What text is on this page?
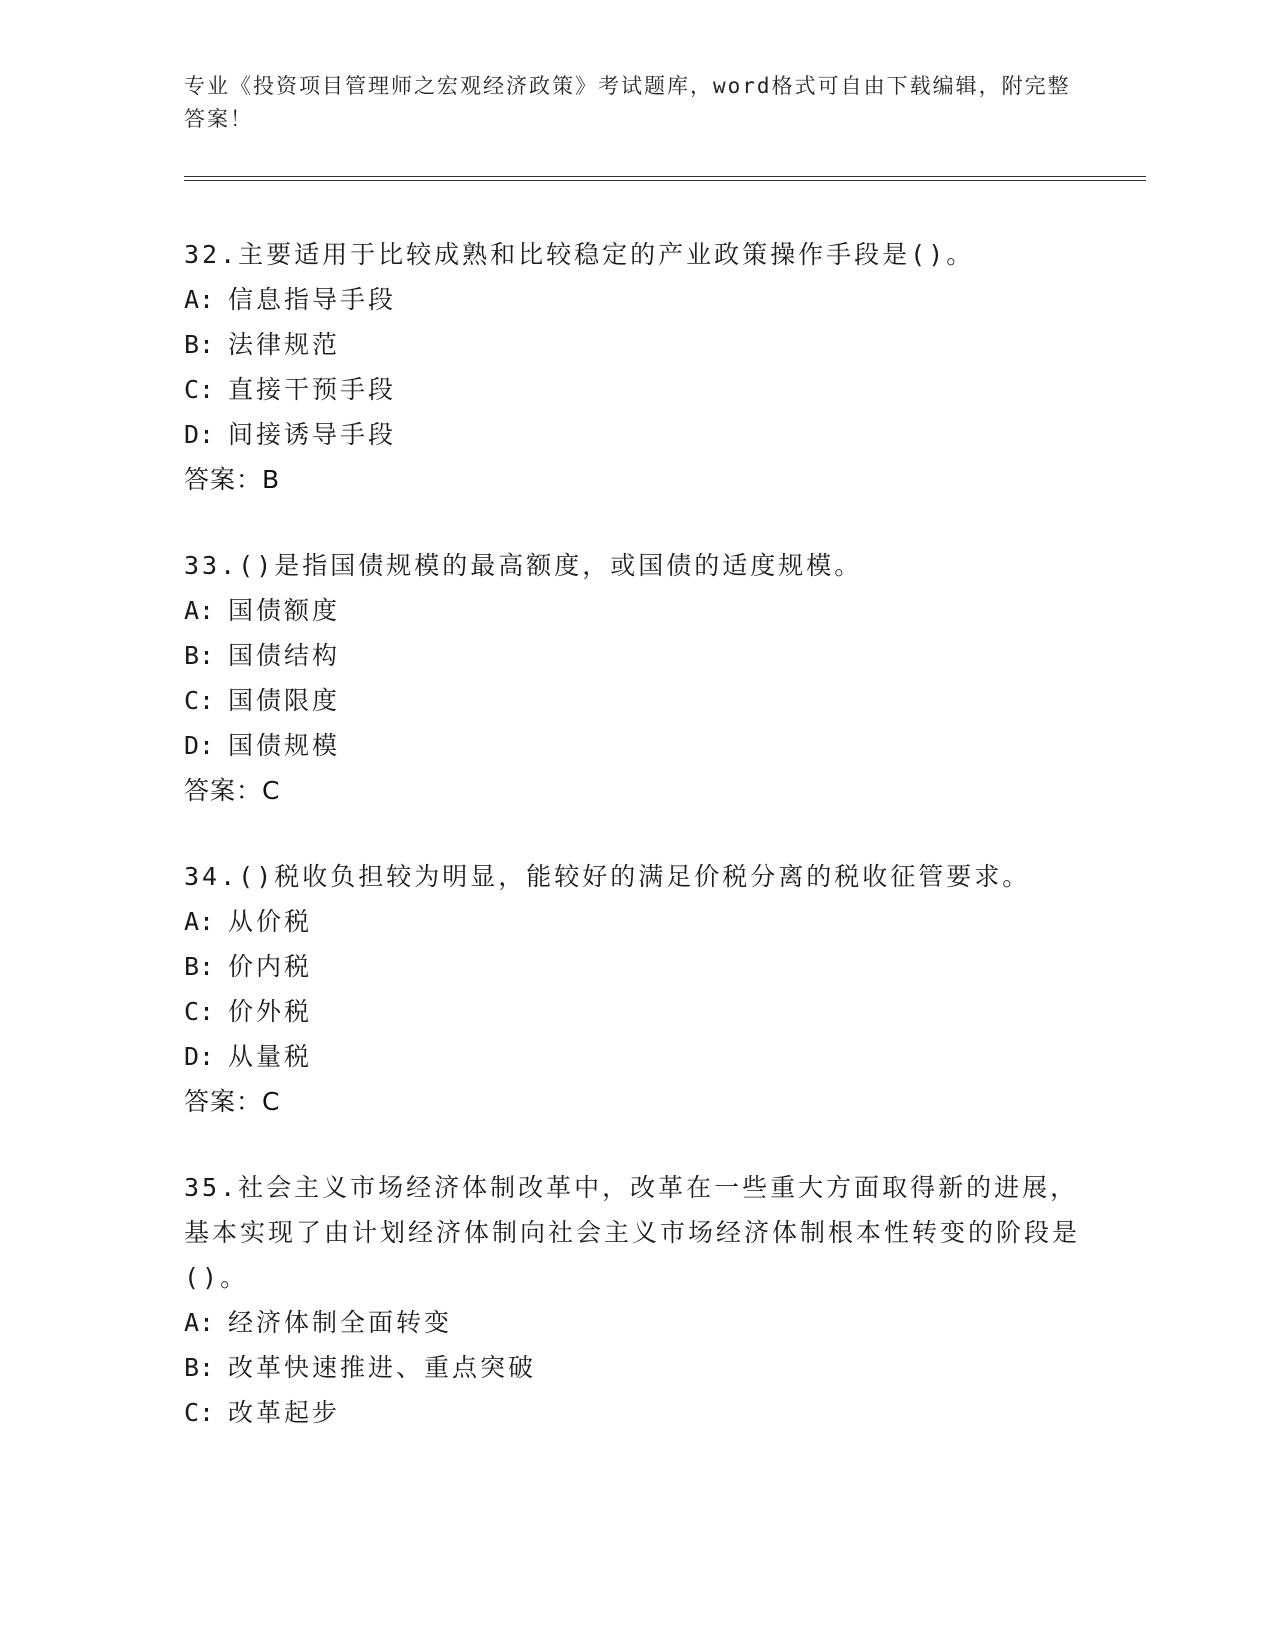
专业《投资项目管理师之宏观经济政策》考试题库，word格式可自由下载编辑，附完整答案！

32.主要适用于比较成熟和比较稳定的产业政策操作手段是()。

A: 信息指导手段

B: 法律规范

C: 直接干预手段

D: 间接诱导手段

答案：B

33.()是指国债规模的最高额度，或国债的适度规模。

A: 国债额度

B: 国债结构

C: 国债限度

D: 国债规模

答案：C

34.()税收负担较为明显，能较好的满足价税分离的税收征管要求。

A: 从价税

B: 价内税

C: 价外税

D: 从量税

答案：C

35.社会主义市场经济体制改革中，改革在一些重大方面取得新的进展，基本实现了由计划经济体制向社会主义市场经济体制根本性转变的阶段是()。

A: 经济体制全面转变

B: 改革快速推进、重点突破

C: 改革起步
